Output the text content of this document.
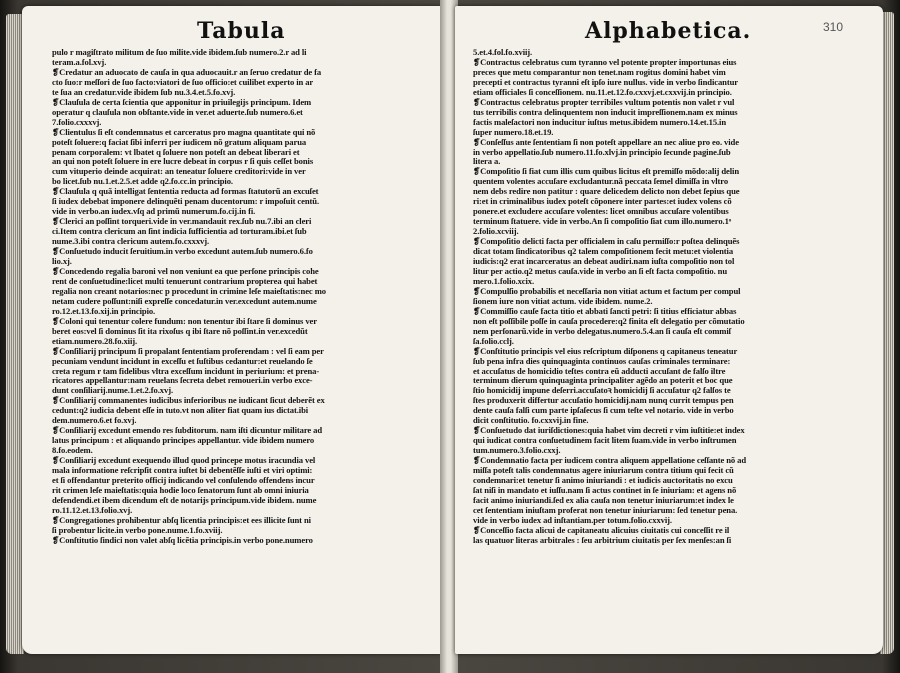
Tabula
pulo r magiſtrato militum de ſuo milite.vide ibidem.ſub numero.2.r ad li
teram.a.fol.xvj.
❡Credatur an aduocato de cauſa in qua aduocauit.r an ſeruo credatur de fa
cto ſuo:r meſſori de ſuo facto:viatori de ſuo officio:et cuilibet experto in ar
te ſua an credatur.vide ibidem ſub nu.3.4.et.5.fo.xvj.
❡Clauſula de certa ſcientia que apponitur in priuilegijs principum. Idem
operatur q clauſula non obſtante.vide in ver.et aduerte.ſub numero.6.et
7.folio.cxxxvj.
❡Clientulus ſi eſt condemnatus et carceratus pro magna quantitate qui nõ
poteſt ſoluere:q faciat ſibi inferri per iudicem nõ gratum aliquam parua
penam corporalem: vt lbatet q ſoluere non poteſt an debeat liberari et
an qui non poteſt ſoluere in ere lucre debeat in corpus r ſi quis ceſſet bonis
cum vituperio deinde acquirat: an teneatur ſoluere creditori:vide in ver
bo licet.ſub nu.1.et.2.5.et adde q2.fo.cc.in principio.
❡Clauſula q quã intelligat ſententia reducta ad formas ſtatutorũ an excuſet
ſi iudex debebat imponere delinquẽti penam ducentorum: r impoſuit centũ.
vide in verbo.an iudex.vſq ad primũ numerum.fo.cij.in fi.
❡Clerici an poſſint torqueri.vide in ver.mandauit rex.ſub nu.7.ibi an cleri
ci.Item contra clericum an ſint indicia ſufficientia ad torturam.ibi.et ſub
nume.3.ibi contra clericum autem.fo.cxxxvj.
❡Conſuetudo inducit ſeruitium.in verbo excedunt autem.ſub numero.6.fo
lio.xj.
❡Concedendo regalia baroni vel non veniunt ea que perſone principis cohe
rent de conſuetudine:licet multi tenuerunt contrarium propterea qui habet
regalia non creant notarios:nec p procedunt in crimine leſe maieſtatis:nec mo
netam cudere poſſunt:niſi expreſſe concedatur.in ver.excedunt autem.nume
ro.12.et.13.fo.xij.in principio.
❡Coloni qui tenentur colere fundum: non tenentur ibi ſtare ſi dominus ver
beret eos:vel ſi dominus ſit ita rixoſus q ibi ſtare nõ poſſint.in ver.excedũt
etiam.numero.28.fo.xiij.
❡Conſiliarij principum ſi propalant ſententiam proferendam : vel ſi eam per
pecuniam vendunt incidunt in exceſſu et ſuſtibus cedantur:et reuelando ſe
creta regum r tam fidelibus vltra exceſſum incidunt in periurium: et prena-
ricatores appellantur:nam reuelans ſecreta debet remoueri.in verbo exce-
dunt conſiliarij.nume.1.et.2.fo.xvj.
❡Conſiliarij commanentes iudicibus inferioribus ne iudicant ſicut deberẽt ex
cedunt:q2 iudicia debent eſſe in tuto.vt non aliter fiat quam ius dictat.ibi
dem.numero.6.et fo.xvj.
❡Conſiliarij excedunt emendo res ſubditorum. nam iſti dicuntur militare ad
latus principum : et aliquando principes appellantur. vide ibidem numero
8.fo.eodem.
❡Conſiliarij excedunt exequendo illud quod princepe motus iracundia vel
mala informatione reſcripſit contra iuſtet bi debentẽſſe iuſti et viri optimi:
et ſi offendantur preterito officij indicando vel conſulendo offendens incur
rit crimen leſe maieſtatis:quia hodie loco ſenatorum ſunt ab omni iniuria
defendendi.et ibem dicendum eſt de notarijs principum.vide ibidem. nume
ro.11.12.et.13.folio.xvj.
❡Congregationes prohibentur abſq licentia principis:et ees illicite ſunt ni
ſi probentur licite.in verbo pone.nume.1.fo.xviij.
❡Conſtitutio ſindici non valet abſq licẽtia principis.in verbo pone.numero
Alphabetica.	310
5.et.4.fol.fo.xviij.
❡Contractus celebratus cum tyranno vel potente propter importunas eius
preces que metu comparantur non tenet.nam rogitus domini habet vim
precepti et contractus tyranni eſt ipſo iure nullus. vide in verbo ſindicantur
etiam officiales ſi conceſſionem. nu.11.et.12.fo.cxxvj.et.cxxvij.in principio.
❡Contractus celebratus propter terribiles vultum potentis non valet r vul
tus terribilis contra delinquentem non inducit impreſſionem.nam ex minus
factis maleſactori non inducitur iuſtus metus.ibidem numero.14.et.15.in
ſuper numero.18.et.19.
❡Conſeſſus ante ſententiam ſi non poteſt appellare an nec aliue pro eo. vide
in verbo appellatio.ſub numero.11.fo.xlvj.in principio ſecunde pagine.ſub
litera a.
❡Compoſitio ſi fiat cum illis cum quibus licitus eſt premiſſo mõdo:alij delin
quentem volentes accuſare excludantur.nã peccata ſemel dimiſſa in vltro
nem debs redire non patitur : quare delicedem delicto non debet ſepius que
ri:et in criminalibus iudex poteſt cõponere inter partes:et iudex volens cõ
ponere.et excludere accuſare volentes: licet omnibus accuſare volentibus
terminum ſtatuere. vide in verbo.An ſi compoſitio ſiat cum illo.numero.1ᵒ
2.folio.xcviij.
❡Compoſitio delicti facta per officialem in caſu permiſſo:r poſtea delinquẽs
dicat totam ſindicatoribus q2 talem compoſitionem fecit metu:et violentia
iudicis:q2 erat incarceratus an debeat audiri.nam iuſta compoſitio non tol
litur per actio.q2 metus cauſa.vide in verbo an ſi eſt facta compoſitio. nu
mero.1.folio.xcix.
❡Compulſio probabilis et neceſſaria non vitiat actum et factum per compul
ſionem iure non vitiat actum. vide ibidem. nume.2.
❡Commiſſio cauſe facta titio et abbati ſancti petri: ſi titius efficiatur abbas
non eſt poſſibile poſſe in cauſa procedere:q2 finita eſt delegatio per cõmutatio
nem perſonarũ.vide in verbo delegatus.numero.5.4.an ſi cauſa eſt commiſ
ſa.folio.cclj.
❡Conſtitutio principis vel eius reſcriptum diſponens q capitaneus teneatur
ſub pena infra dies quinquaginta continuos cauſas criminales terminare:
et accuſatus de homicidio teſtes contra eũ adducti accuſant de falſo iltre
terminum dierum quinquaginta principaliter agẽdo an poterit et boc que
ſtio homicidij impune deſerri.accuſatoꝛ homicidij ſi accuſatur q2 falſos te
ſtes produxerit differtur accuſatio homicidij.nam nunq currit tempus pen
dente cauſa falſi cum parte ipſaſecus ſi cum teſte vel notario. vide in verbo
dicit conſtitutio. fo.cxxvij.in fine.
❡Conſuetudo dat iuriſdictiones:quia habet vim decreti r vim iuſtitie:et index
qui iudicat contra conſuetudinem facit litem ſuam.vide in verbo inſtrumen
tum.numero.3.folio.cxxj.
❡Condemnatio facta per iudicem contra aliquem appellatione ceſſante nõ ad
miſſa poteſt talis condemnatus agere iniuriarum contra titium qui fecit cũ
condemnari:et tenetur ſi animo iniuriandi : et iudicis auctoritatis no excu
ſat niſi in mandato et iuſſu.nam ſi actus continet in ſe iniuriam: et agens nõ
facit animo iniuriandi.ſed ex alia cauſa non tenetur iniuriarum:et index le
cet ſententiam iniuſtam proferat non tenetur iniuriarum: ſed tenetur pena.
vide in verbo iudex ad inſtantiam.per totum.folio.cxxvij.
❡Conceſſio facta alicui de capitaneatu alicuius ciuitatis cui conceſſit re il
las quatuor literas arbitrales : ſeu arbitrium ciuitatis per ſex menſes:an ſi
